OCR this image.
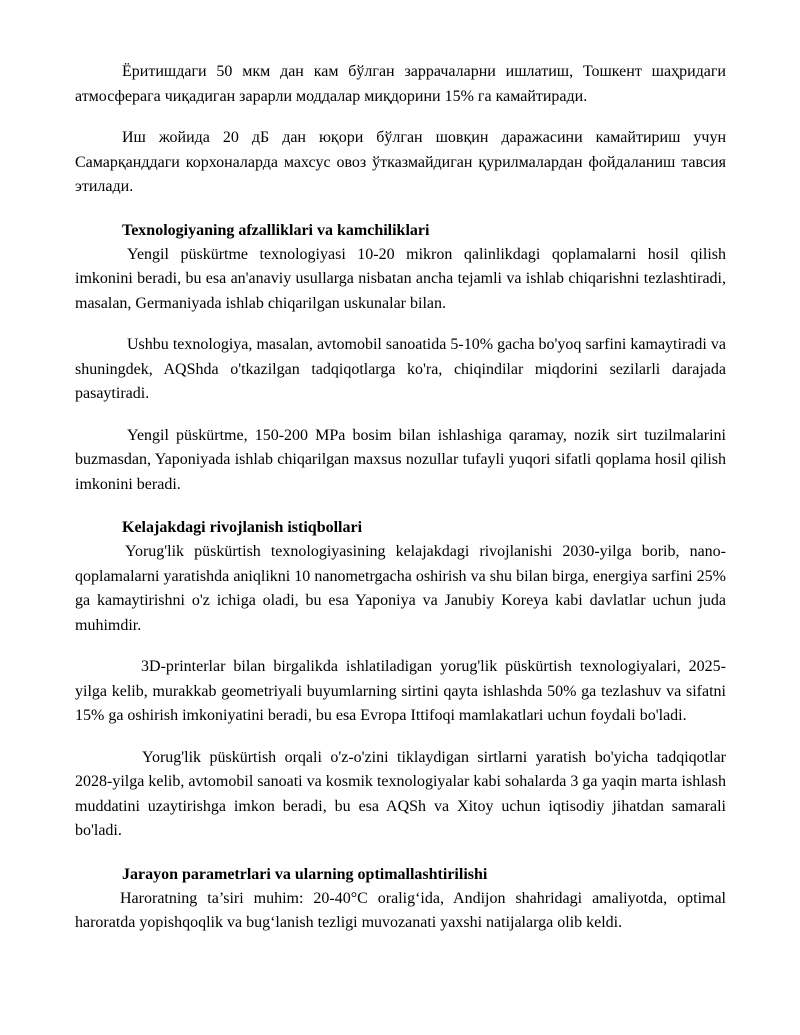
Ёритишдаги 50 мкм дан кам бўлган заррачаларни ишлатиш, Тошкент шаҳридаги атмосферага чиқадиган зарарли моддалар миқдорини 15% га камайтиради.

Иш жойида 20 дБ дан юқори бўлган шовқин даражасини камайтириш учун Самарқанддаги корхоналарда махсус овоз ўтказмайдиган қурилмалардан фойдаланиш тавсия этилади.

Texnologiyaning afzalliklari va kamchiliklari

Yengil püskürtme texnologiyasi 10-20 mikron qalinlikdagi qoplamalarni hosil qilish imkonini beradi, bu esa an'anaviy usullarga nisbatan ancha tejamli va ishlab chiqarishni tezlashtiradi, masalan, Germaniyada ishlab chiqarilgan uskunalar bilan.

Ushbu texnologiya, masalan, avtomobil sanoatida 5-10% gacha bo'yoq sarfini kamaytiradi va shuningdek, AQShda o'tkazilgan tadqiqotlarga ko'ra, chiqindilar miqdorini sezilarli darajada pasaytiradi.

Yengil püskürtme, 150-200 MPa bosim bilan ishlashiga qaramay, nozik sirt tuzilmalarini buzmasdan, Yaponiyada ishlab chiqarilgan maxsus nozullar tufayli yuqori sifatli qoplama hosil qilish imkonini beradi.

Kelajakdagi rivojlanish istiqbollari

Yorug'lik püskürtish texnologiyasining kelajakdagi rivojlanishi 2030-yilga borib, nano-qoplamalarni yaratishda aniqlikni 10 nanometrgacha oshirish va shu bilan birga, energiya sarfini 25% ga kamaytirishni o'z ichiga oladi, bu esa Yaponiya va Janubiy Koreya kabi davlatlar uchun juda muhimdir.

3D-printerlar bilan birgalikda ishlatiladigan yorug'lik püskürtish texnologiyalari, 2025-yilga kelib, murakkab geometriyali buyumlarning sirtini qayta ishlashda 50% ga tezlashuv va sifatni 15% ga oshirish imkoniyatini beradi, bu esa Evropa Ittifoqi mamlakatlari uchun foydali bo'ladi.

Yorug'lik püskürtish orqali o'z-o'zini tiklaydigan sirtlarni yaratish bo'yicha tadqiqotlar 2028-yilga kelib, avtomobil sanoati va kosmik texnologiyalar kabi sohalarda 3 ga yaqin marta ishlash muddatini uzaytirishga imkon beradi, bu esa AQSh va Xitoy uchun iqtisodiy jihatdan samarali bo'ladi.

Jarayon parametrlari va ularning optimallashtirilishi

Haroratning ta’siri muhim: 20-40°C oralig‘ida, Andijon shahridagi amaliyotda, optimal haroratda yopishqoqlik va bug‘lanish tezligi muvozanati yaxshi natijalarga olib keldi.
